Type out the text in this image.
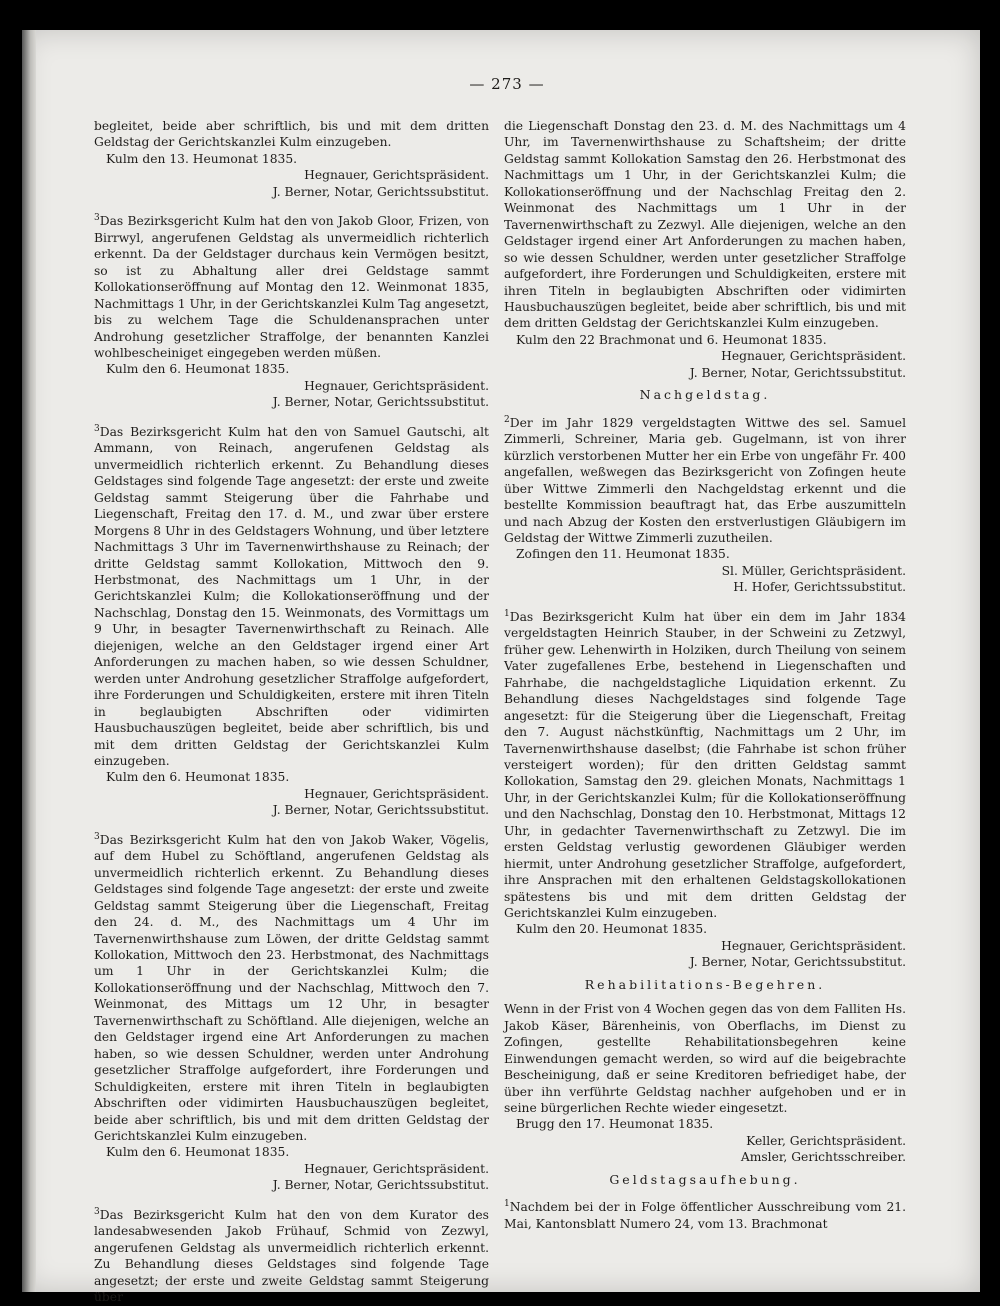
— 273 —

begleitet, beide aber schriftlich, bis und mit dem dritten Geldstag der Gerichtskanzlei Kulm einzugeben.

Kulm den 13. Heumonat 1835.
Hegnauer, Gerichtspräsident.
J. Berner, Notar, Gerichtssubstitut.

$^3$Das Bezirksgericht Kulm hat den von Jakob Gloor, Frizen, von Birrwyl, angerufenen Geldstag als unvermeidlich richterlich erkennt. Da der Geldstager durchaus kein Vermögen besitzt, so ist zu Abhaltung aller drei Geldstage sammt Kollokationseröffnung auf Montag den 12. Weinmonat 1835, Nachmittags 1 Uhr, in der Gerichtskanzlei Kulm Tag angesetzt, bis zu welchem Tage die Schuldenansprachen unter Androhung gesetzlicher Straffolge, der benannten Kanzlei wohlbescheiniget eingegeben werden müßen.

Kulm den 6. Heumonat 1835.
Hegnauer, Gerichtspräsident.
J. Berner, Notar, Gerichtssubstitut.

$^3$Das Bezirksgericht Kulm hat den von Samuel Gautschi, alt Ammann, von Reinach, angerufenen Geldstag als unvermeidlich richterlich erkennt. Zu Behandlung dieses Geldstages sind folgende Tage angesetzt: der erste und zweite Geldstag sammt Steigerung über die Fahrhabe und Liegenschaft, Freitag den 17. d. M., und zwar über erstere Morgens 8 Uhr in des Geldstagers Wohnung, und über letztere Nachmittags 3 Uhr im Tavernenwirthshause zu Reinach; der dritte Geldstag sammt Kollokation, Mittwoch den 9. Herbstmonat, des Nachmittags um 1 Uhr, in der Gerichtskanzlei Kulm; die Kollokationseröffnung und der Nachschlag, Donstag den 15. Weinmonats, des Vormittags um 9 Uhr, in besagter Tavernenwirthschaft zu Reinach. Alle diejenigen, welche an den Geldstager irgend einer Art Anforderungen zu machen haben, so wie dessen Schuldner, werden unter Androhung gesetzlicher Straffolge aufgefordert, ihre Forderungen und Schuldigkeiten, erstere mit ihren Titeln in beglaubigten Abschriften oder vidimirten Hausbuchauszügen begleitet, beide aber schriftlich, bis und mit dem dritten Geldstag der Gerichtskanzlei Kulm einzugeben.

Kulm den 6. Heumonat 1835.
Hegnauer, Gerichtspräsident.
J. Berner, Notar, Gerichtssubstitut.

$^3$Das Bezirksgericht Kulm hat den von Jakob Waker, Vögelis, auf dem Hubel zu Schöftland, angerufenen Geldstag als unvermeidlich richterlich erkennt. Zu Behandlung dieses Geldstages sind folgende Tage angesetzt: der erste und zweite Geldstag sammt Steigerung über die Liegenschaft, Freitag den 24. d. M., des Nachmittags um 4 Uhr im Tavernenwirthshause zum Löwen, der dritte Geldstag sammt Kollokation, Mittwoch den 23. Herbstmonat, des Nachmittags um 1 Uhr in der Gerichtskanzlei Kulm; die Kollokationseröffnung und der Nachschlag, Mittwoch den 7. Weinmonat, des Mittags um 12 Uhr, in besagter Tavernenwirthschaft zu Schöftland. Alle diejenigen, welche an den Geldstager irgend eine Art Anforderungen zu machen haben, so wie dessen Schuldner, werden unter Androhung gesetzlicher Straffolge aufgefordert, ihre Forderungen und Schuldigkeiten, erstere mit ihren Titeln in beglaubigten Abschriften oder vidimirten Hausbuchauszügen begleitet, beide aber schriftlich, bis und mit dem dritten Geldstag der Gerichtskanzlei Kulm einzugeben.

Kulm den 6. Heumonat 1835.
Hegnauer, Gerichtspräsident.
J. Berner, Notar, Gerichtssubstitut.

$^3$Das Bezirksgericht Kulm hat den von dem Kurator des landesabwesenden Jakob Frühauf, Schmid von Zezwyl, angerufenen Geldstag als unvermeidlich richterlich erkennt. Zu Behandlung dieses Geldstages sind folgende Tage angesetzt; der erste und zweite Geldstag sammt Steigerung über

die Liegenschaft Donstag den 23. d. M. des Nachmittags um 4 Uhr, im Tavernenwirthshause zu Schaftsheim; der dritte Geldstag sammt Kollokation Samstag den 26. Herbstmonat des Nachmittags um 1 Uhr, in der Gerichtskanzlei Kulm; die Kollokationseröffnung und der Nachschlag Freitag den 2. Weinmonat des Nachmittags um 1 Uhr in der Tavernenwirthschaft zu Zezwyl. Alle diejenigen, welche an den Geldstager irgend einer Art Anforderungen zu machen haben, so wie dessen Schuldner, werden unter gesetzlicher Straffolge aufgefordert, ihre Forderungen und Schuldigkeiten, erstere mit ihren Titeln in beglaubigten Abschriften oder vidimirten Hausbuchauszügen begleitet, beide aber schriftlich, bis und mit dem dritten Geldstag der Gerichtskanzlei Kulm einzugeben.

Kulm den 22 Brachmonat und 6. Heumonat 1835.
Hegnauer, Gerichtspräsident.
J. Berner, Notar, Gerichtssubstitut.
Nachgeldstag.

$^2$Der im Jahr 1829 vergeldstagten Wittwe des sel. Samuel Zimmerli, Schreiner, Maria geb. Gugelmann, ist von ihrer kürzlich verstorbenen Mutter her ein Erbe von ungefähr Fr. 400 angefallen, weßwegen das Bezirksgericht von Zofingen heute über Wittwe Zimmerli den Nachgeldstag erkennt und die bestellte Kommission beauftragt hat, das Erbe auszumitteln und nach Abzug der Kosten den erstverlustigen Gläubigern im Geldstag der Wittwe Zimmerli zuzutheilen.

Zofingen den 11. Heumonat 1835.
Sl. Müller, Gerichtspräsident.
H. Hofer, Gerichtssubstitut.

$^1$Das Bezirksgericht Kulm hat über ein dem im Jahr 1834 vergeldstagten Heinrich Stauber, in der Schweini zu Zetzwyl, früher gew. Lehenwirth in Holziken, durch Theilung von seinem Vater zugefallenes Erbe, bestehend in Liegenschaften und Fahrhabe, die nachgeldstagliche Liquidation erkennt. Zu Behandlung dieses Nachgeldstages sind folgende Tage angesetzt: für die Steigerung über die Liegenschaft, Freitag den 7. August nächstkünftig, Nachmittags um 2 Uhr, im Tavernenwirthshause daselbst; (die Fahrhabe ist schon früher versteigert worden); für den dritten Geldstag sammt Kollokation, Samstag den 29. gleichen Monats, Nachmittags 1 Uhr, in der Gerichtskanzlei Kulm; für die Kollokationseröffnung und den Nachschlag, Donstag den 10. Herbstmonat, Mittags 12 Uhr, in gedachter Tavernenwirthschaft zu Zetzwyl. Die im ersten Geldstag verlustig gewordenen Gläubiger werden hiermit, unter Androhung gesetzlicher Straffolge, aufgefordert, ihre Ansprachen mit den erhaltenen Geldstagskollokationen spätestens bis und mit dem dritten Geldstag der Gerichtskanzlei Kulm einzugeben.

Kulm den 20. Heumonat 1835.
Hegnauer, Gerichtspräsident.
J. Berner, Notar, Gerichtssubstitut.
Rehabilitations-Begehren.

Wenn in der Frist von 4 Wochen gegen das von dem Falliten Hs. Jakob Käser, Bärenheinis, von Oberflachs, im Dienst zu Zofingen, gestellte Rehabilitationsbegehren keine Einwendungen gemacht werden, so wird auf die beigebrachte Bescheinigung, daß er seine Kreditoren befriediget habe, der über ihn verführte Geldstag nachher aufgehoben und er in seine bürgerlichen Rechte wieder eingesetzt.

Brugg den 17. Heumonat 1835.
Keller, Gerichtspräsident.
Amsler, Gerichtsschreiber.
Geldstagsaufhebung.

$^1$Nachdem bei der in Folge öffentlicher Ausschreibung vom 21. Mai, Kantonsblatt Numero 24, vom 13. Brachmonat
